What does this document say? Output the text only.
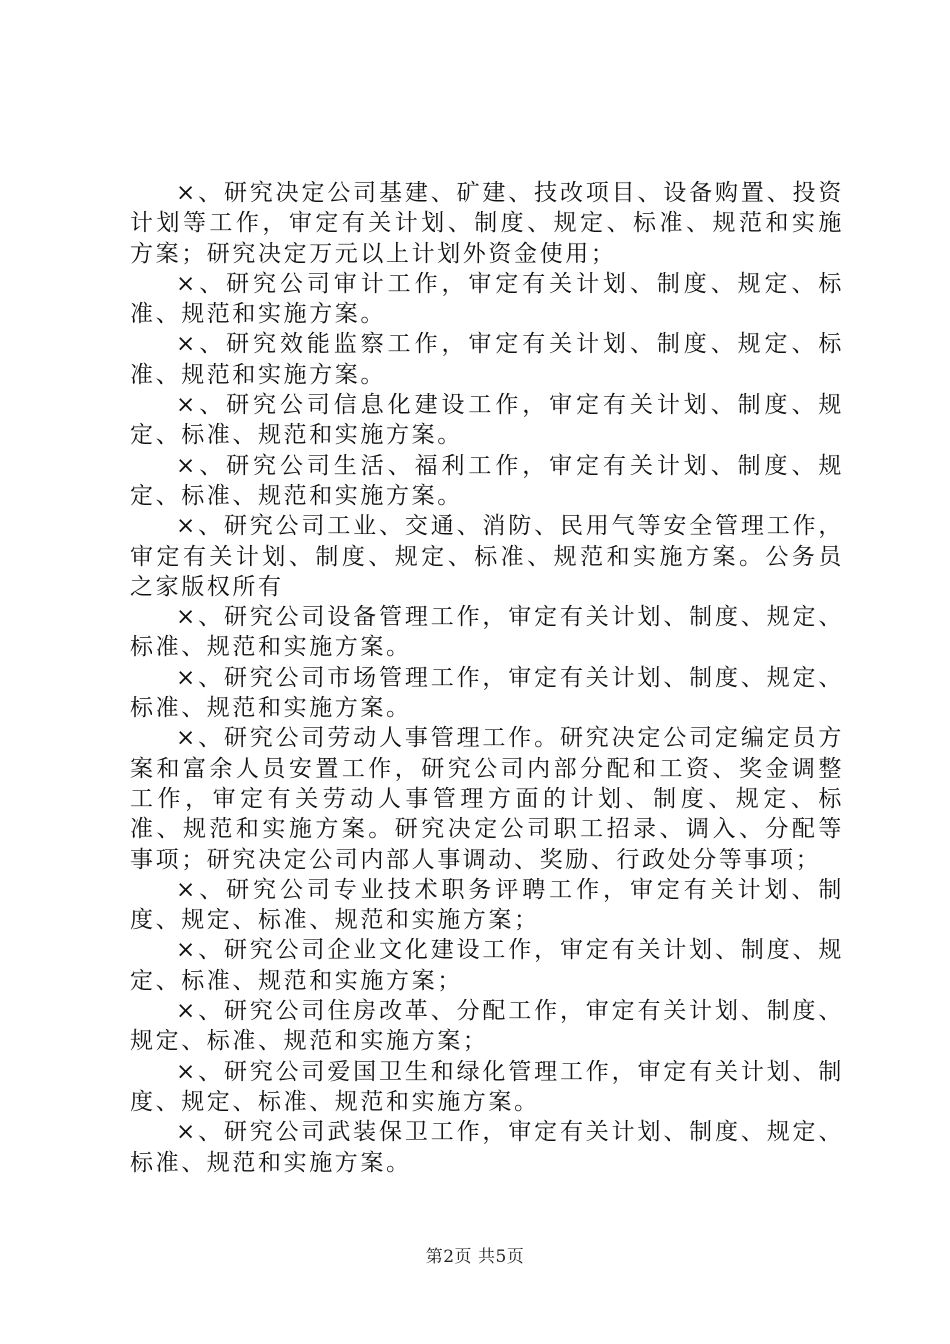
×、研究决定公司基建、矿建、技改项目、设备购置、投资计划等工作，审定有关计划、制度、规定、标准、规范和实施方案；研究决定万元以上计划外资金使用；

×、研究公司审计工作，审定有关计划、制度、规定、标准、规范和实施方案。

×、研究效能监察工作，审定有关计划、制度、规定、标准、规范和实施方案。

×、研究公司信息化建设工作，审定有关计划、制度、规定、标准、规范和实施方案。

×、研究公司生活、福利工作，审定有关计划、制度、规定、标准、规范和实施方案。

×、研究公司工业、交通、消防、民用气等安全管理工作，审定有关计划、制度、规定、标准、规范和实施方案。公务员之家版权所有

×、研究公司设备管理工作，审定有关计划、制度、规定、标准、规范和实施方案。

×、研究公司市场管理工作，审定有关计划、制度、规定、标准、规范和实施方案。

×、研究公司劳动人事管理工作。研究决定公司定编定员方案和富余人员安置工作，研究公司内部分配和工资、奖金调整工作，审定有关劳动人事管理方面的计划、制度、规定、标准、规范和实施方案。研究决定公司职工招录、调入、分配等事项；研究决定公司内部人事调动、奖励、行政处分等事项；

×、研究公司专业技术职务评聘工作，审定有关计划、制度、规定、标准、规范和实施方案；

×、研究公司企业文化建设工作，审定有关计划、制度、规定、标准、规范和实施方案；

×、研究公司住房改革、分配工作，审定有关计划、制度、规定、标准、规范和实施方案；

×、研究公司爱国卫生和绿化管理工作，审定有关计划、制度、规定、标准、规范和实施方案。

×、研究公司武装保卫工作，审定有关计划、制度、规定、标准、规范和实施方案。

第2页 共5页
